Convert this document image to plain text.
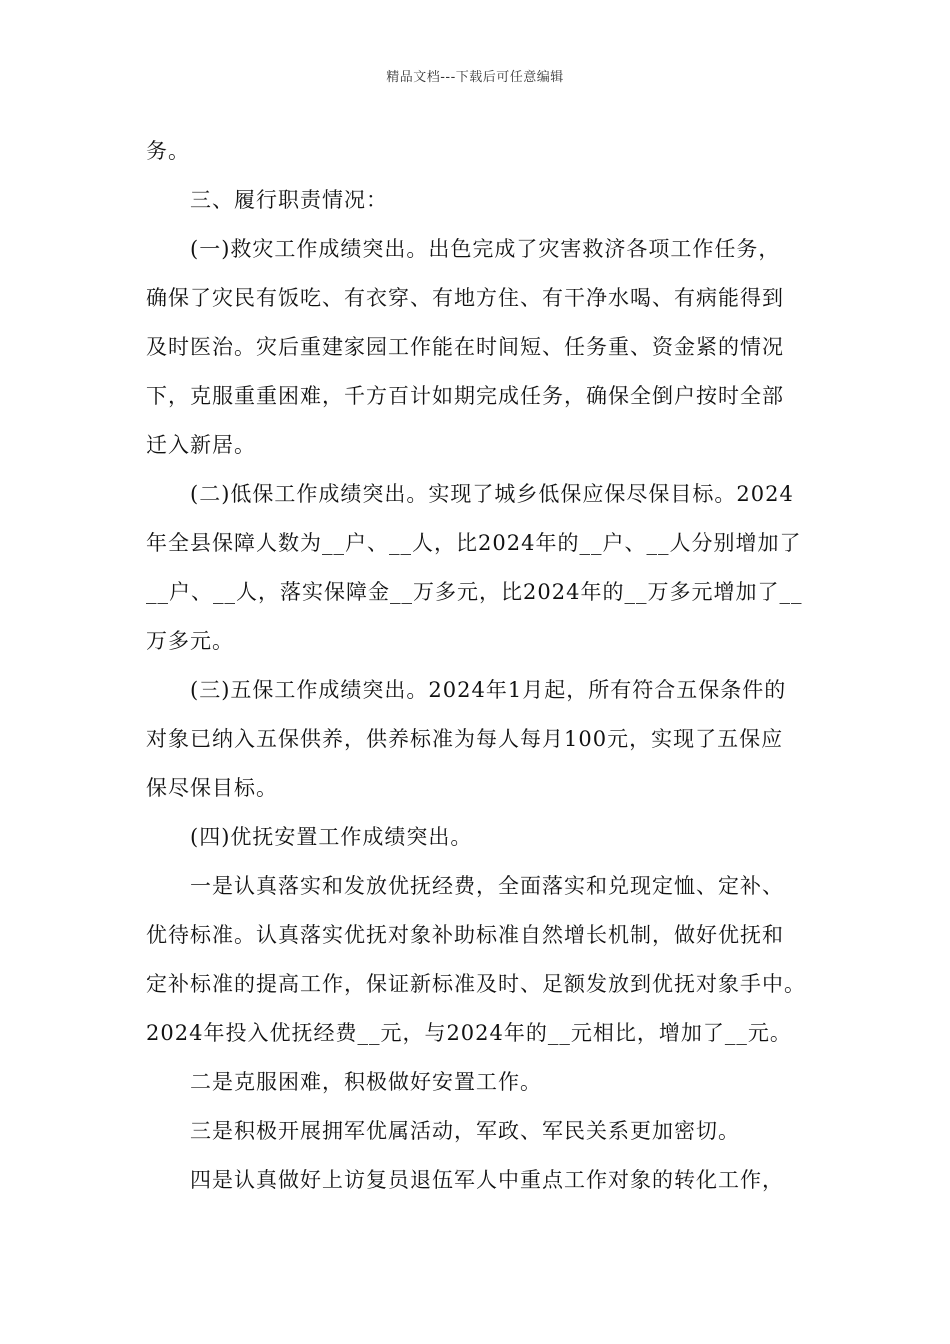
精品文档---下载后可任意编辑
务。
三、履行职责情况：
(一)救灾工作成绩突出。出色完成了灾害救济各项工作任务，
确保了灾民有饭吃、有衣穿、有地方住、有干净水喝、有病能得到
及时医治。灾后重建家园工作能在时间短、任务重、资金紧的情况
下，克服重重困难，千方百计如期完成任务，确保全倒户按时全部
迁入新居。
(二)低保工作成绩突出。实现了城乡低保应保尽保目标。2024
年全县保障人数为__户、__人，比2024年的__户、__人分别增加了
__户、__人，落实保障金__万多元，比2024年的__万多元增加了__
万多元。
(三)五保工作成绩突出。2024年1月起，所有符合五保条件的
对象已纳入五保供养，供养标准为每人每月100元，实现了五保应
保尽保目标。
(四)优抚安置工作成绩突出。
一是认真落实和发放优抚经费，全面落实和兑现定恤、定补、
优待标准。认真落实优抚对象补助标准自然增长机制，做好优抚和
定补标准的提高工作，保证新标准及时、足额发放到优抚对象手中。
2024年投入优抚经费__元，与2024年的__元相比，增加了__元。
二是克服困难，积极做好安置工作。
三是积极开展拥军优属活动，军政、军民关系更加密切。
四是认真做好上访复员退伍军人中重点工作对象的转化工作，
